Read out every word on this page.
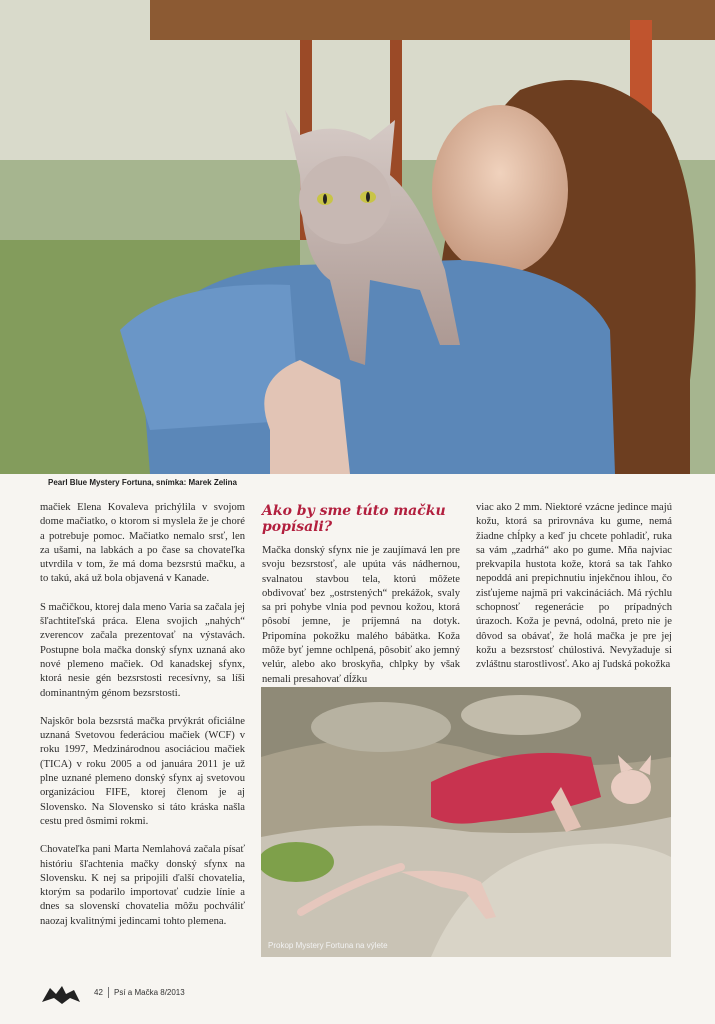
Pearl Blue Mystery Fortuna, snímka: Marek Zelina

mačiek Elena Kovaleva prichýlila v svojom dome mačiatko, o ktorom si myslela že je choré a potrebuje pomoc. Mačiatko nemalo srsť, len za ušami, na labkách a po čase sa chovateľka utvrdila v tom, že má doma bezsrstú mačku, a to takú, aká už bola objavená v Kanade.

S mačičkou, ktorej dala meno Varia sa začala jej šľachtiteľská práca. Elena svojich „nahých“ zverencov začala prezentovať na výstavách. Postupne bola mačka donský sfynx uznaná ako nové plemeno mačiek. Od kanadskej sfynx, ktorá nesie gén bezsrstosti recesívny, sa líši dominantným génom bezsrstosti.

Najskôr bola bezsrstá mačka prvýkrát oficiálne uznaná Svetovou federáciou mačiek (WCF) v roku 1997, Medzinárodnou asociáciou mačiek (TICA) v roku 2005 a od januára 2011 je už plne uznané plemeno donský sfynx aj svetovou organizáciou FIFE, ktorej členom je aj Slovensko. Na Slovensko si táto kráska našla cestu pred ôsmimi rokmi.

Chovateľka pani Marta Nemlahová začala písať históriu šľachtenia mačky donský sfynx na Slovensku. K nej sa pripojili ďalší chovatelia, ktorým sa podarilo importovať cudzie línie a dnes sa slovenskí chovatelia môžu pochváliť naozaj kvalitnými jedincami tohto plemena.

Ako by sme túto mačku popísali?

Mačka donský sfynx nie je zaujímavá len pre svoju bezsrstosť, ale upúta vás nádhernou, svalnatou stavbou tela, ktorú môžete obdivovať bez „ostrstených“ prekážok, svaly sa pri pohybe vlnia pod pevnou kožou, ktorá pôsobí jemne, je príjemná na dotyk. Pripomína pokožku malého bábätka. Koža môže byť jemne ochlpená, pôsobiť ako jemný velúr, alebo ako broskyňa, chlpky by však nemali presahovať dĺžku

viac ako 2 mm. Niektoré vzácne jedince majú kožu, ktorá sa prirovnáva ku gume, nemá žiadne chĺpky a keď ju chcete pohladiť, ruka sa vám „zadrhá“ ako po gume. Mňa najviac prekvapila hustota kože, ktorá sa tak ľahko nepoddá ani prepichnutiu injekčnou ihlou, čo zisťujeme najmä pri vakcináciách. Má rýchlu schopnosť regenerácie po prípadných úrazoch. Koža je pevná, odolná, preto nie je dôvod sa obávať, že holá mačka je pre jej kožu a bezsrstosť chúlostivá. Nevyžaduje si zvláštnu starostlivosť. Ako aj ľudská pokožka

Prokop Mystery Fortuna na výlete
42 Psí a Mačka 8/2013
